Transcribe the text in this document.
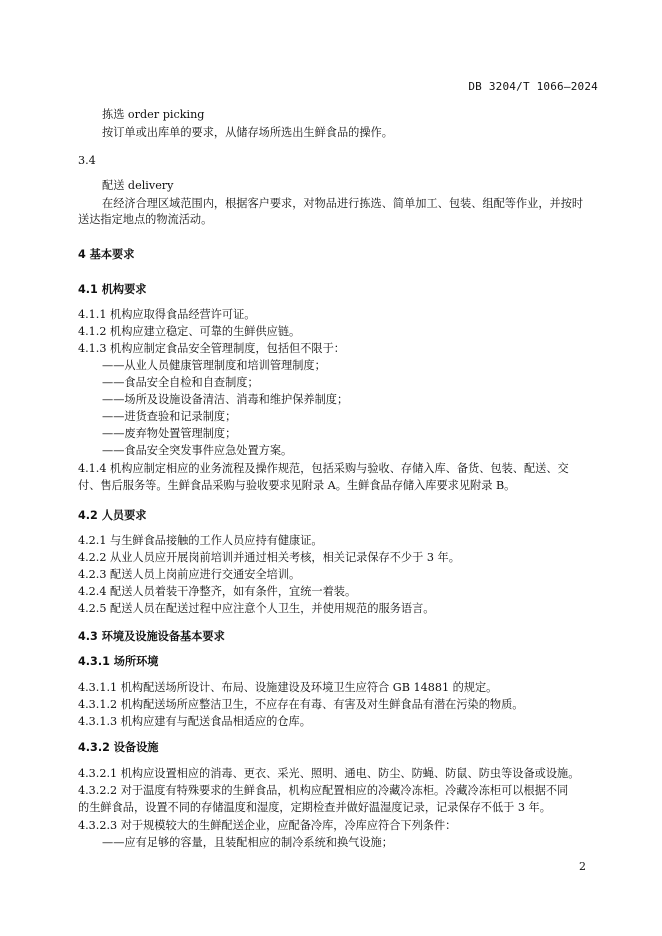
DB 3204/T 1066—2024
拣选 order picking
按订单或出库单的要求，从储存场所选出生鲜食品的操作。
3.4
配送 delivery
在经济合理区域范围内，根据客户要求，对物品进行拣选、简单加工、包装、组配等作业，并按时
送达指定地点的物流活动。
4 基本要求
4.1 机构要求
4.1.1 机构应取得食品经营许可证。
4.1.2 机构应建立稳定、可靠的生鲜供应链。
4.1.3 机构应制定食品安全管理制度，包括但不限于：
——从业人员健康管理制度和培训管理制度；
——食品安全自检和自查制度；
——场所及设施设备清洁、消毒和维护保养制度；
——进货查验和记录制度；
——废弃物处置管理制度；
——食品安全突发事件应急处置方案。
4.1.4 机构应制定相应的业务流程及操作规范，包括采购与验收、存储入库、备货、包装、配送、交
付、售后服务等。生鲜食品采购与验收要求见附录 A。生鲜食品存储入库要求见附录 B。
4.2 人员要求
4.2.1 与生鲜食品接触的工作人员应持有健康证。
4.2.2 从业人员应开展岗前培训并通过相关考核，相关记录保存不少于 3 年。
4.2.3 配送人员上岗前应进行交通安全培训。
4.2.4 配送人员着装干净整齐，如有条件，宜统一着装。
4.2.5 配送人员在配送过程中应注意个人卫生，并使用规范的服务语言。
4.3 环境及设施设备基本要求
4.3.1 场所环境
4.3.1.1 机构配送场所设计、布局、设施建设及环境卫生应符合 GB 14881 的规定。
4.3.1.2 机构配送场所应整洁卫生，不应存在有毒、有害及对生鲜食品有潜在污染的物质。
4.3.1.3 机构应建有与配送食品相适应的仓库。
4.3.2 设备设施
4.3.2.1 机构应设置相应的消毒、更衣、采光、照明、通电、防尘、防蝇、防鼠、防虫等设备或设施。
4.3.2.2 对于温度有特殊要求的生鲜食品，机构应配置相应的冷藏冷冻柜。冷藏冷冻柜可以根据不同
的生鲜食品，设置不同的存储温度和湿度，定期检查并做好温湿度记录，记录保存不低于 3 年。
4.3.2.3 对于规模较大的生鲜配送企业，应配备冷库，冷库应符合下列条件：
——应有足够的容量，且装配相应的制冷系统和换气设施；
2
